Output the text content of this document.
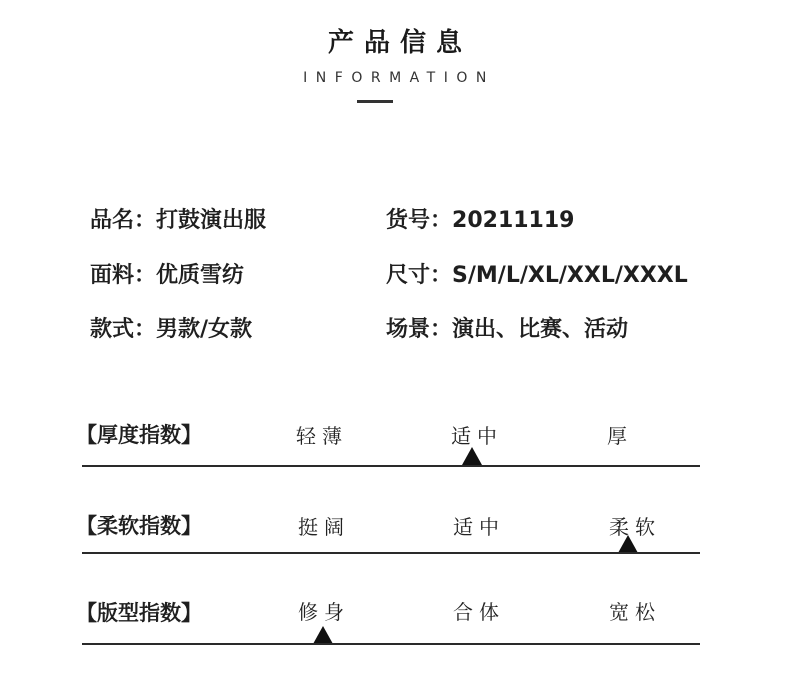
产品信息
INFORMATION
品名：打鼓演出服	货号：20211119
面料：优质雪纺	尺寸：S/M/L/XL/XXL/XXXL
款式：男款/女款	场景：演出、比赛、活动
【厚度指数】	轻薄	适中	厚
【柔软指数】	挺阔	适中	柔软
【版型指数】	修身	合体	宽松
